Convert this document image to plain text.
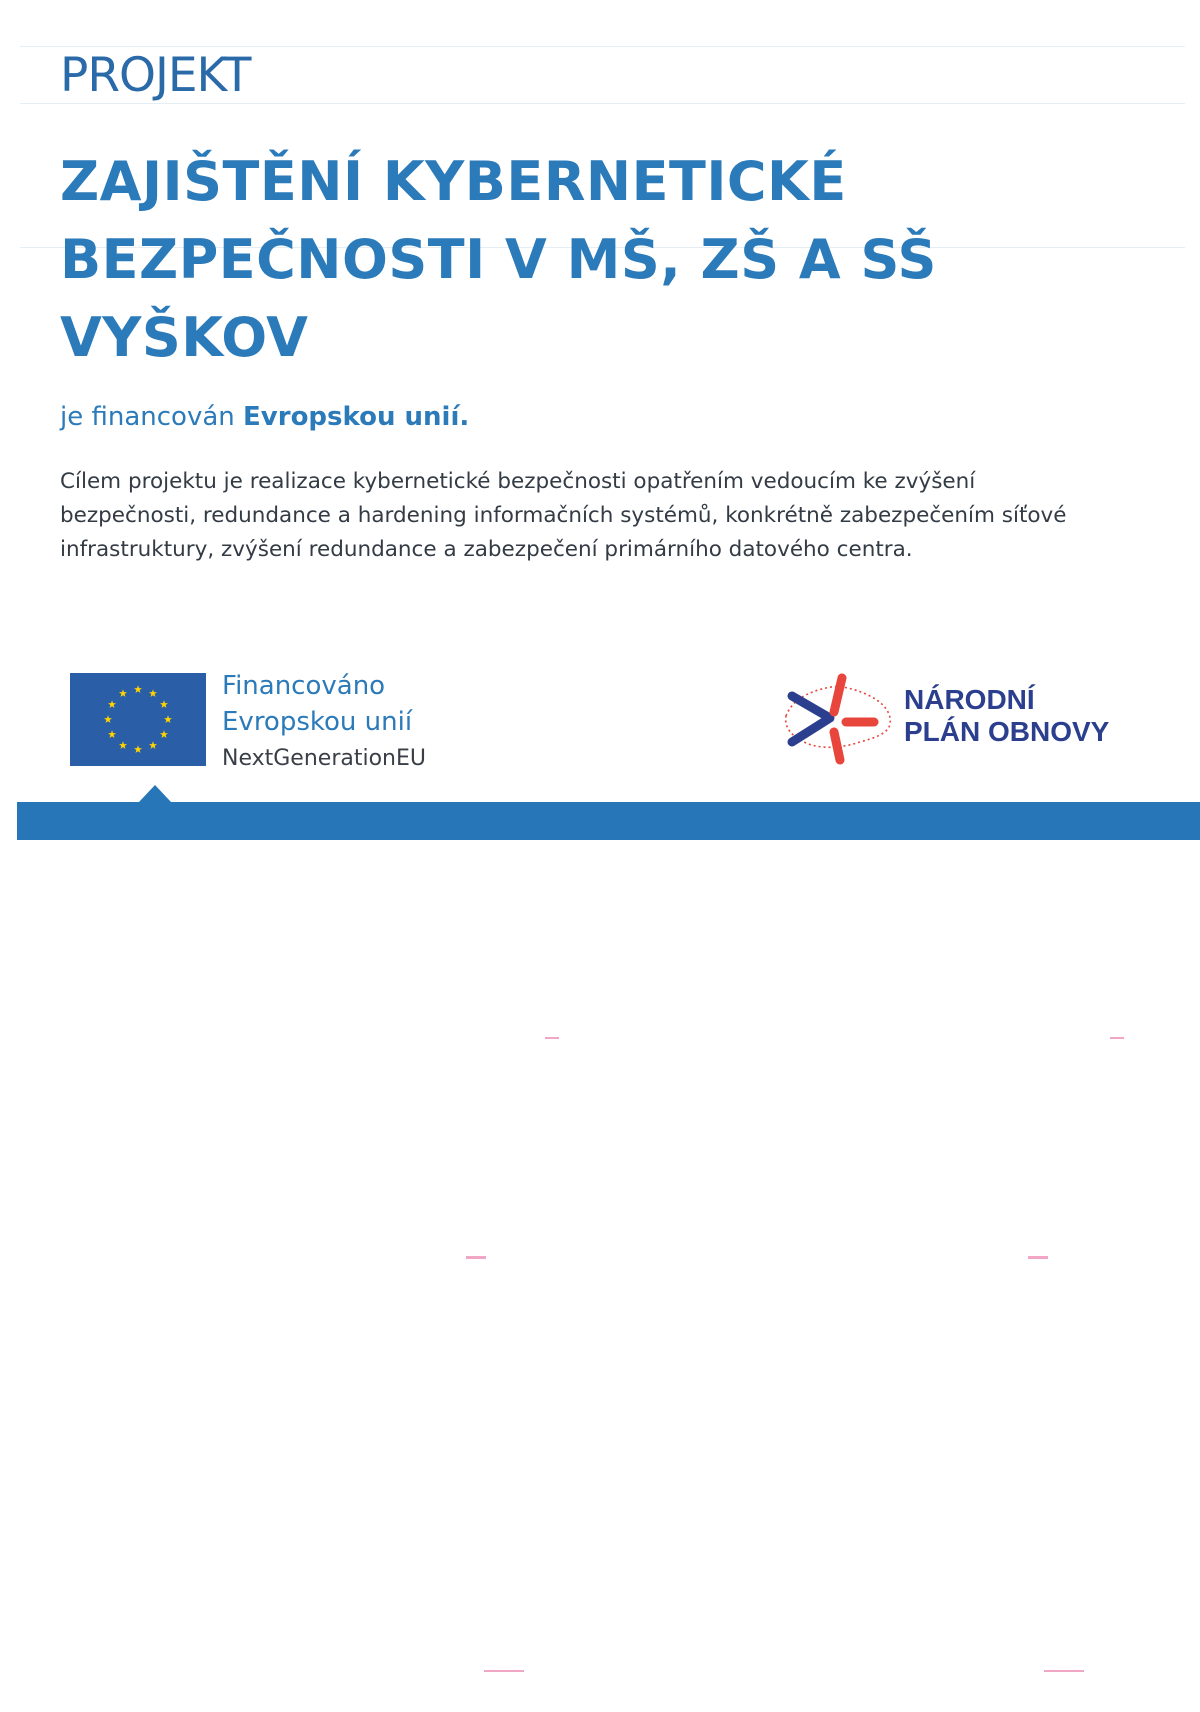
PROJEKT
ZAJIŠTĚNÍ KYBERNETICKÉ
BEZPEČNOSTI V MŠ, ZŠ A SŠ
VYŠKOV

je financován Evropskou unií.

Cílem projektu je realizace kybernetické bezpečnosti opatřením vedoucím ke zvýšení
bezpečnosti, redundance a hardening informačních systémů, konkrétně zabezpečením síťové
infrastruktury, zvýšení redundance a zabezpečení primárního datového centra.

Financováno
Evropskou unií
NextGenerationEU
NÁRODNÍ
PLÁN OBNOVY
